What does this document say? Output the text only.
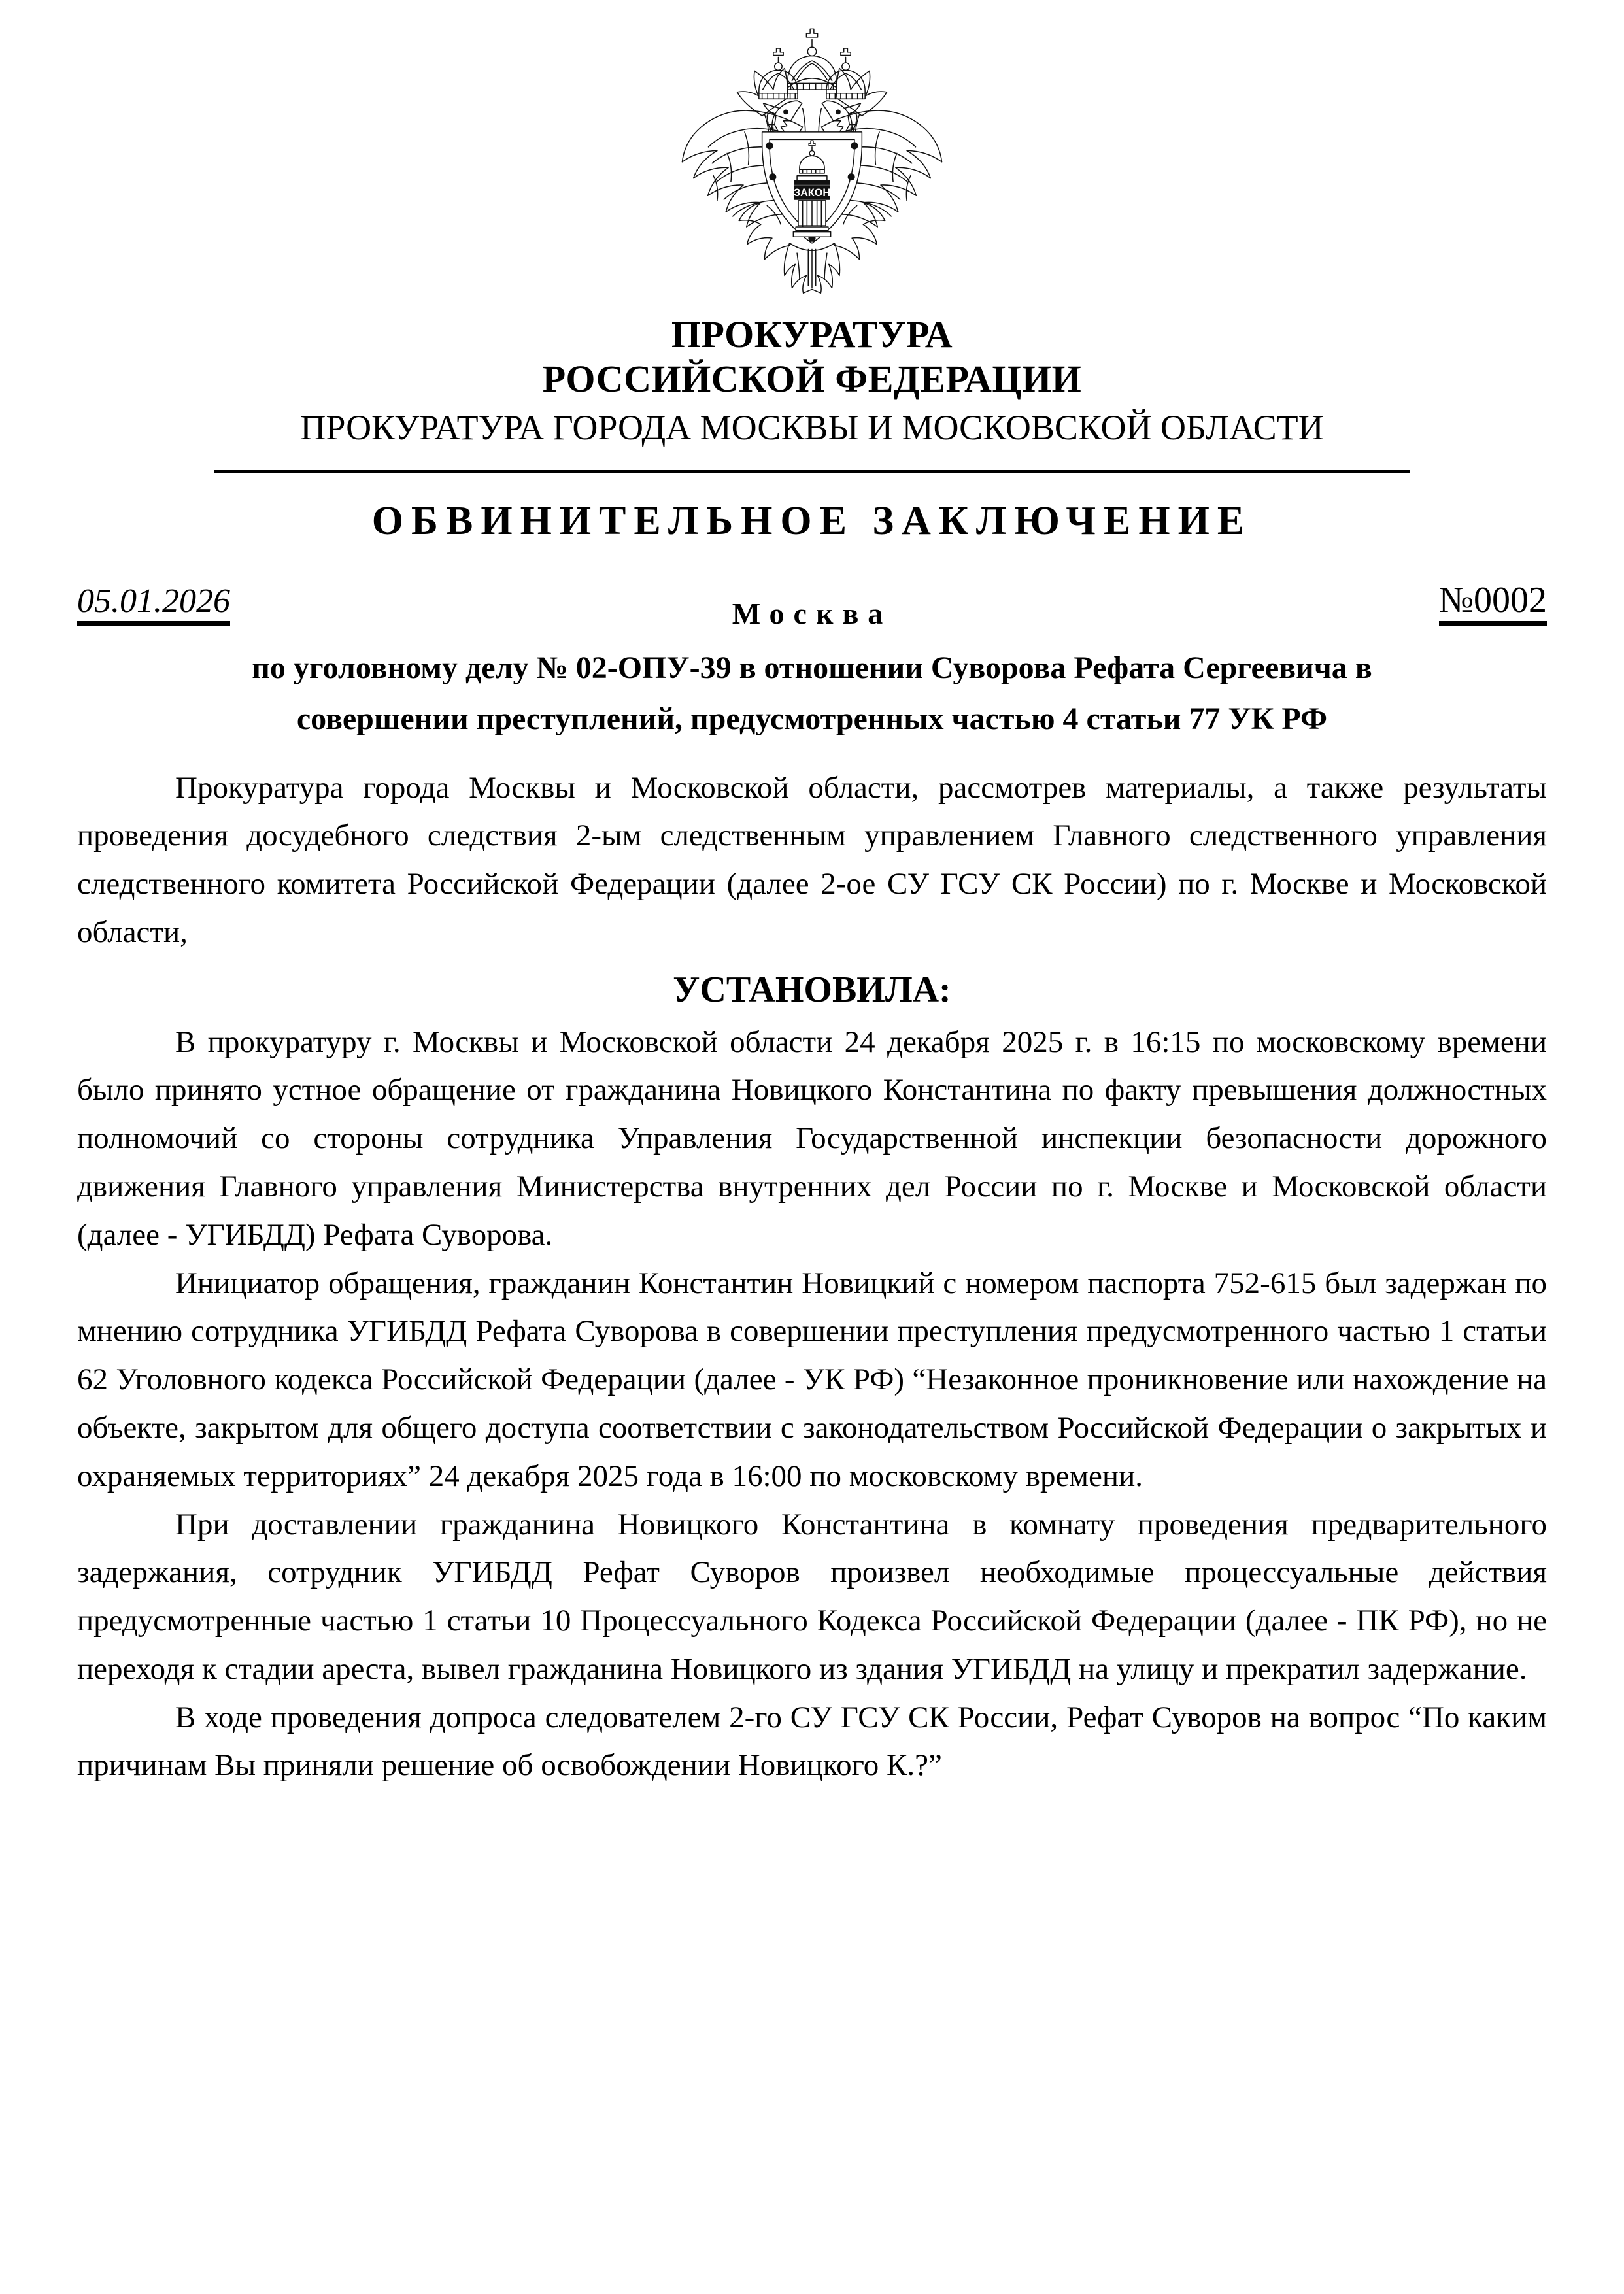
ЗАКОН
ПРОКУРАТУРА
РОССИЙСКОЙ ФЕДЕРАЦИИ
ПРОКУРАТУРА ГОРОДА МОСКВЫ И МОСКОВСКОЙ ОБЛАСТИ
ОБВИНИТЕЛЬНОЕ ЗАКЛЮЧЕНИЕ
05.01.2026	Москва	№0002
по уголовному делу № 02-ОПУ-39 в отношении Суворова Рефата Сергеевича в
совершении преступлений, предусмотренных частью 4 статьи 77 УК РФ

Прокуратура города Москвы и Московской области, рассмотрев материалы, а также результаты проведения досудебного следствия 2-ым следственным управлением Главного следственного управления следственного комитета Российской Федерации (далее 2-ое СУ ГСУ СК России) по г. Москве и Московской области,

УСТАНОВИЛА:

В прокуратуру г. Москвы и Московской области 24 декабря 2025 г. в 16:15 по московскому времени было принято устное обращение от гражданина Новицкого Константина по факту превышения должностных полномочий со стороны сотрудника Управления Государственной инспекции безопасности дорожного движения Главного управления Министерства внутренних дел России по г. Москве и Московской области (далее - УГИБДД) Рефата Суворова.

Инициатор обращения, гражданин Константин Новицкий с номером паспорта 752-615 был задержан по мнению сотрудника УГИБДД Рефата Суворова в совершении преступления предусмотренного частью 1 статьи 62 Уголовного кодекса Российской Федерации (далее - УК РФ) “Незаконное проникновение или нахождение на объекте, закрытом для общего доступа соответствии с законодательством Российской Федерации о закрытых и охраняемых территориях” 24 декабря 2025 года в 16:00 по московскому времени.

При доставлении гражданина Новицкого Константина в комнату проведения предварительного задержания, сотрудник УГИБДД Рефат Суворов произвел необходимые процессуальные действия предусмотренные частью 1 статьи 10 Процессуального Кодекса Российской Федерации (далее - ПК РФ), но не переходя к стадии ареста, вывел гражданина Новицкого из здания УГИБДД на улицу и прекратил задержание.

В ходе проведения допроса следователем 2-го СУ ГСУ СК России, Рефат Суворов на вопрос “По каким причинам Вы приняли решение об освобождении Новицкого К.?”
